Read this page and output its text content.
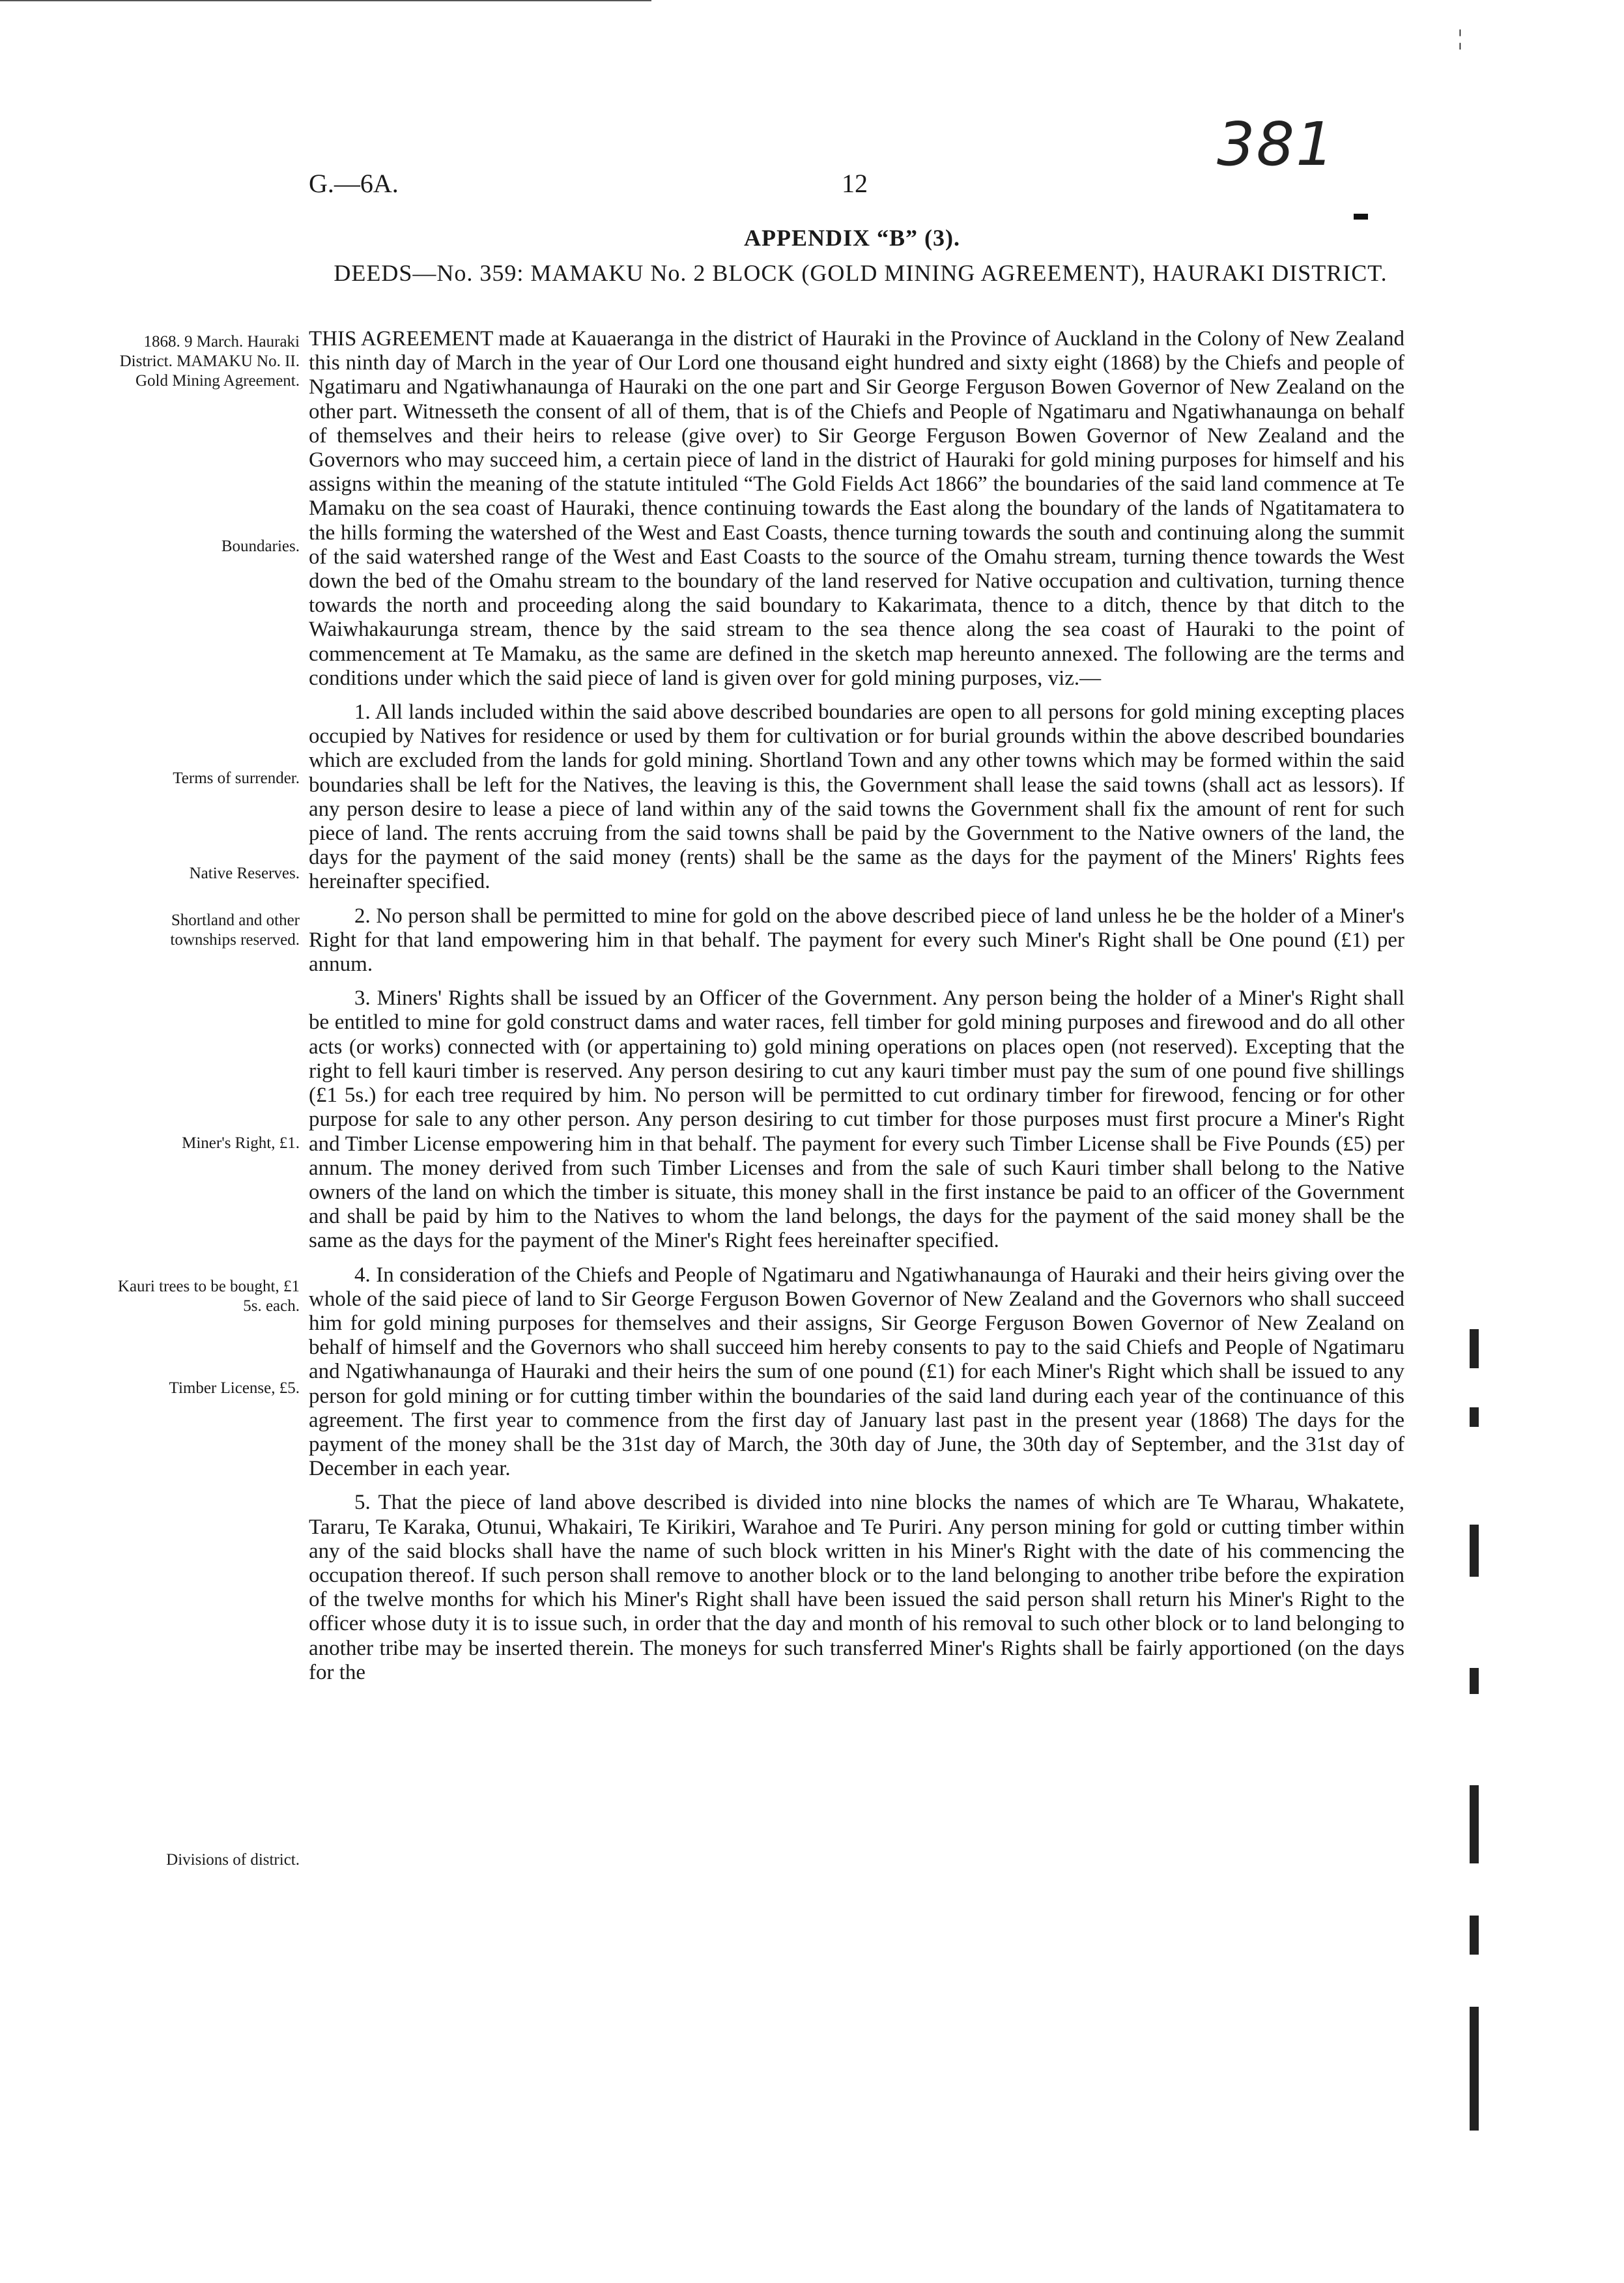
¦
G.—6A.	12
381
APPENDIX “B” (3).
DEEDS—No. 359: MAMAKU No. 2 BLOCK (GOLD MINING AGREEMENT), HAURAKI DISTRICT.
1868. 9 March. Hauraki District. MAMAKU No. II. Gold Mining Agreement.
Boundaries.
Terms of surrender.
Native Reserves.
Shortland and other townships reserved.
Miner's Right, £1.
Kauri trees to be bought, £1 5s. each.
Timber License, £5.
Divisions of district.

THIS AGREEMENT made at Kauaeranga in the district of Hauraki in the Province of Auckland in the Colony of New Zealand this ninth day of March in the year of Our Lord one thousand eight hundred and sixty eight (1868) by the Chiefs and people of Ngatimaru and Ngatiwhanaunga of Hauraki on the one part and Sir George Ferguson Bowen Governor of New Zealand on the other part. Witnesseth the consent of all of them, that is of the Chiefs and People of Ngatimaru and Ngatiwhanaunga on behalf of themselves and their heirs to release (give over) to Sir George Ferguson Bowen Governor of New Zealand and the Governors who may succeed him, a certain piece of land in the district of Hauraki for gold mining purposes for himself and his assigns within the meaning of the statute intituled “The Gold Fields Act 1866” the boundaries of the said land commence at Te Mamaku on the sea coast of Hauraki, thence continuing towards the East along the boundary of the lands of Ngatitamatera to the hills forming the watershed of the West and East Coasts, thence turning towards the south and continuing along the summit of the said watershed range of the West and East Coasts to the source of the Omahu stream, turning thence towards the West down the bed of the Omahu stream to the boundary of the land reserved for Native occupation and cultivation, turning thence towards the north and proceeding along the said boundary to Kakarimata, thence to a ditch, thence by that ditch to the Waiwhakaurunga stream, thence by the said stream to the sea thence along the sea coast of Hauraki to the point of commencement at Te Mamaku, as the same are defined in the sketch map hereunto annexed. The following are the terms and conditions under which the said piece of land is given over for gold mining purposes, viz.—

1. All lands included within the said above described boundaries are open to all persons for gold mining excepting places occupied by Natives for residence or used by them for cultivation or for burial grounds within the above described boundaries which are excluded from the lands for gold mining. Shortland Town and any other towns which may be formed within the said boundaries shall be left for the Natives, the leaving is this, the Government shall lease the said towns (shall act as lessors). If any person desire to lease a piece of land within any of the said towns the Government shall fix the amount of rent for such piece of land. The rents accruing from the said towns shall be paid by the Government to the Native owners of the land, the days for the payment of the said money (rents) shall be the same as the days for the payment of the Miners' Rights fees hereinafter specified.

2. No person shall be permitted to mine for gold on the above described piece of land unless he be the holder of a Miner's Right for that land empowering him in that behalf. The payment for every such Miner's Right shall be One pound (£1) per annum.

3. Miners' Rights shall be issued by an Officer of the Government. Any person being the holder of a Miner's Right shall be entitled to mine for gold construct dams and water races, fell timber for gold mining purposes and firewood and do all other acts (or works) connected with (or appertaining to) gold mining operations on places open (not reserved). Excepting that the right to fell kauri timber is reserved. Any person desiring to cut any kauri timber must pay the sum of one pound five shillings (£1 5s.) for each tree required by him. No person will be permitted to cut ordinary timber for firewood, fencing or for other purpose for sale to any other person. Any person desiring to cut timber for those purposes must first procure a Miner's Right and Timber License empowering him in that behalf. The payment for every such Timber License shall be Five Pounds (£5) per annum. The money derived from such Timber Licenses and from the sale of such Kauri timber shall belong to the Native owners of the land on which the timber is situate, this money shall in the first instance be paid to an officer of the Government and shall be paid by him to the Natives to whom the land belongs, the days for the payment of the said money shall be the same as the days for the payment of the Miner's Right fees hereinafter specified.

4. In consideration of the Chiefs and People of Ngatimaru and Ngatiwhanaunga of Hauraki and their heirs giving over the whole of the said piece of land to Sir George Ferguson Bowen Governor of New Zealand and the Governors who shall succeed him for gold mining purposes for themselves and their assigns, Sir George Ferguson Bowen Governor of New Zealand on behalf of himself and the Governors who shall succeed him hereby consents to pay to the said Chiefs and People of Ngatimaru and Ngatiwhanaunga of Hauraki and their heirs the sum of one pound (£1) for each Miner's Right which shall be issued to any person for gold mining or for cutting timber within the boundaries of the said land during each year of the continuance of this agreement. The first year to commence from the first day of January last past in the present year (1868) The days for the payment of the money shall be the 31st day of March, the 30th day of June, the 30th day of September, and the 31st day of December in each year.

5. That the piece of land above described is divided into nine blocks the names of which are Te Wharau, Whakatete, Tararu, Te Karaka, Otunui, Whakairi, Te Kirikiri, Warahoe and Te Puriri. Any person mining for gold or cutting timber within any of the said blocks shall have the name of such block written in his Miner's Right with the date of his commencing the occupation thereof. If such person shall remove to another block or to the land belonging to another tribe before the expiration of the twelve months for which his Miner's Right shall have been issued the said person shall return his Miner's Right to the officer whose duty it is to issue such, in order that the day and month of his removal to such other block or to land belonging to another tribe may be inserted therein. The moneys for such transferred Miner's Rights shall be fairly apportioned (on the days for the
